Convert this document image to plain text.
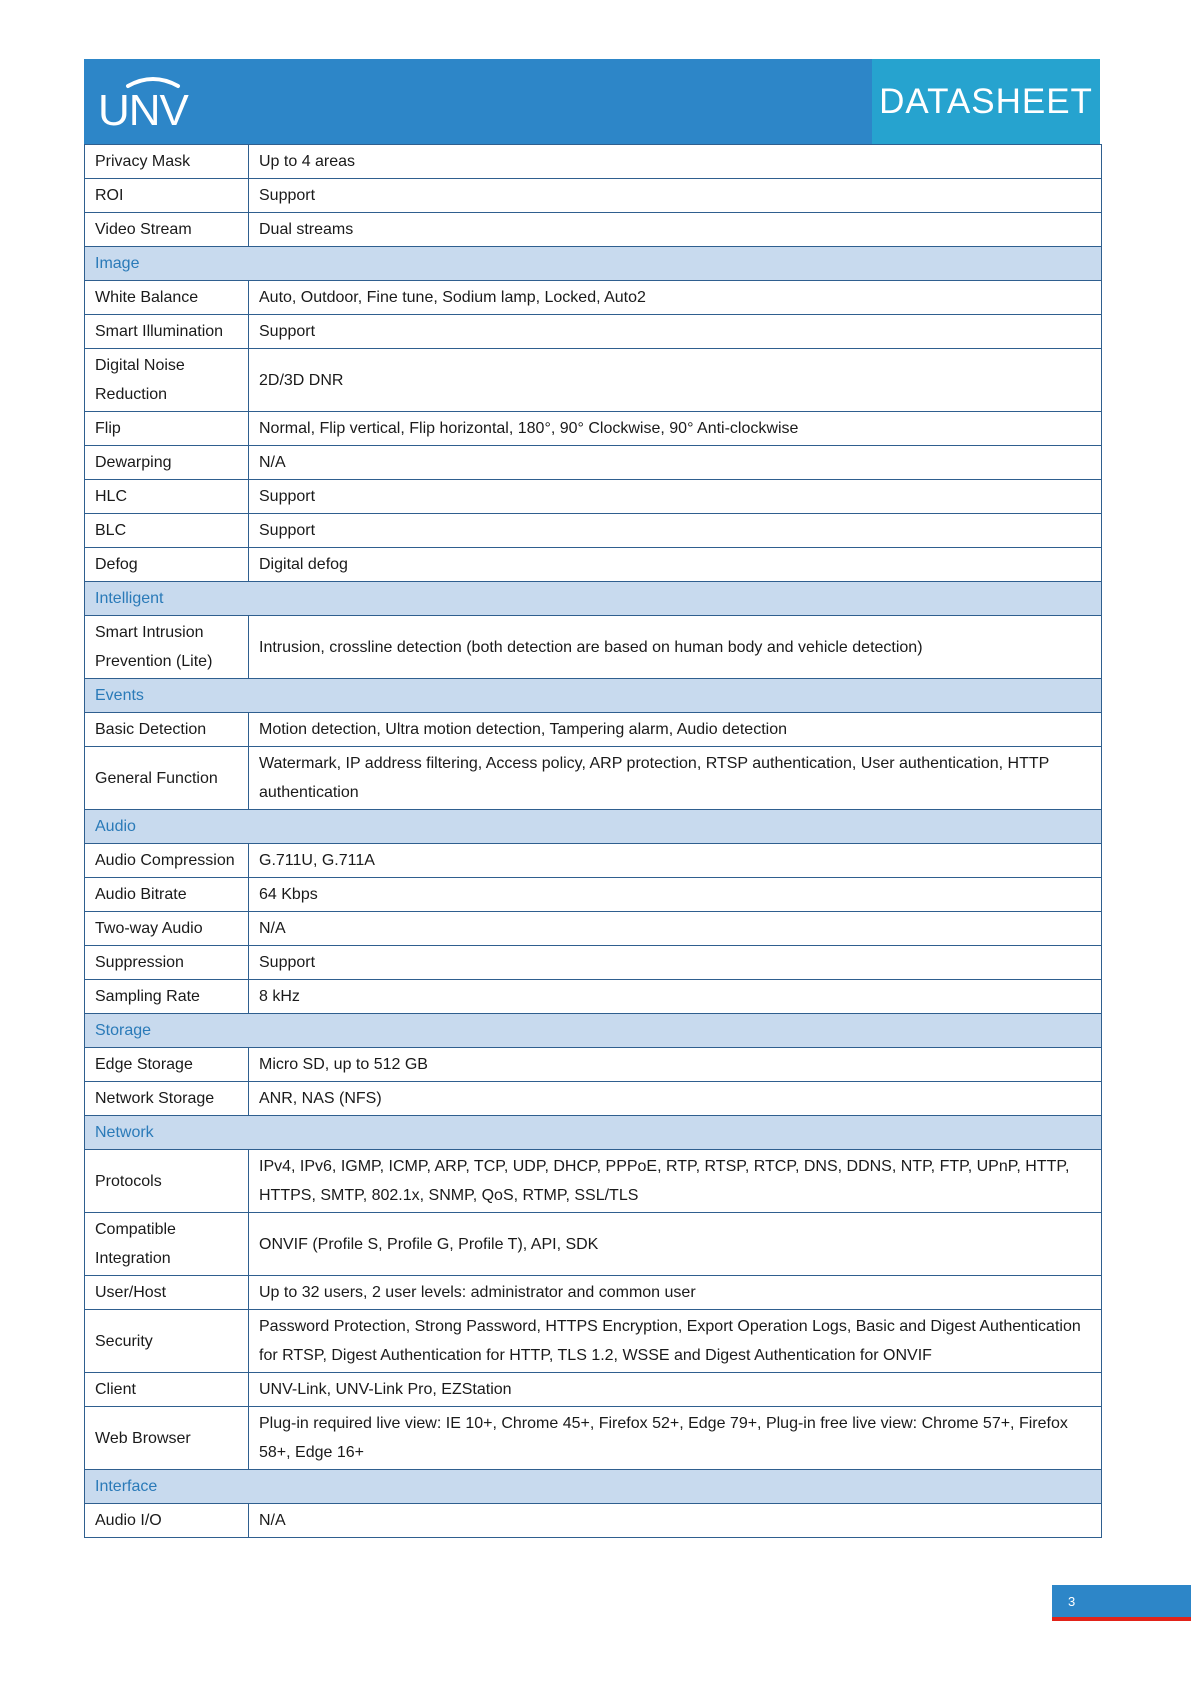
UNV	DATASHEET
Privacy Mask	Up to 4 areas
ROI	Support
Video Stream	Dual streams
Image	
White Balance	Auto, Outdoor, Fine tune, Sodium lamp, Locked, Auto2
Smart Illumination	Support
Digital Noise Reduction	2D/3D DNR
Flip	Normal, Flip vertical, Flip horizontal, 180°, 90° Clockwise, 90° Anti-clockwise
Dewarping	N/A
HLC	Support
BLC	Support
Defog	Digital defog
Intelligent	
Smart Intrusion Prevention (Lite)	Intrusion, crossline detection (both detection are based on human body and vehicle detection)
Events	
Basic Detection	Motion detection, Ultra motion detection, Tampering alarm, Audio detection
General Function	Watermark, IP address filtering, Access policy, ARP protection, RTSP authentication, User authentication, HTTP authentication
Audio	
Audio Compression	G.711U, G.711A
Audio Bitrate	64 Kbps
Two-way Audio	N/A
Suppression	Support
Sampling Rate	8 kHz
Storage	
Edge Storage	Micro SD, up to 512 GB
Network Storage	ANR, NAS (NFS)
Network	
Protocols	IPv4, IPv6, IGMP, ICMP, ARP, TCP, UDP, DHCP, PPPoE, RTP, RTSP, RTCP, DNS, DDNS, NTP, FTP, UPnP, HTTP, HTTPS, SMTP, 802.1x, SNMP, QoS, RTMP, SSL/TLS
Compatible Integration	ONVIF (Profile S, Profile G, Profile T), API, SDK
User/Host	Up to 32 users, 2 user levels: administrator and common user
Security	Password Protection, Strong Password, HTTPS Encryption, Export Operation Logs, Basic and Digest Authentication for RTSP, Digest Authentication for HTTP, TLS 1.2, WSSE and Digest Authentication for ONVIF
Client	UNV-Link, UNV-Link Pro, EZStation
Web Browser	Plug-in required live view: IE 10+, Chrome 45+, Firefox 52+, Edge 79+, Plug-in free live view: Chrome 57+, Firefox 58+, Edge 16+
Interface	
Audio I/O	N/A
3
